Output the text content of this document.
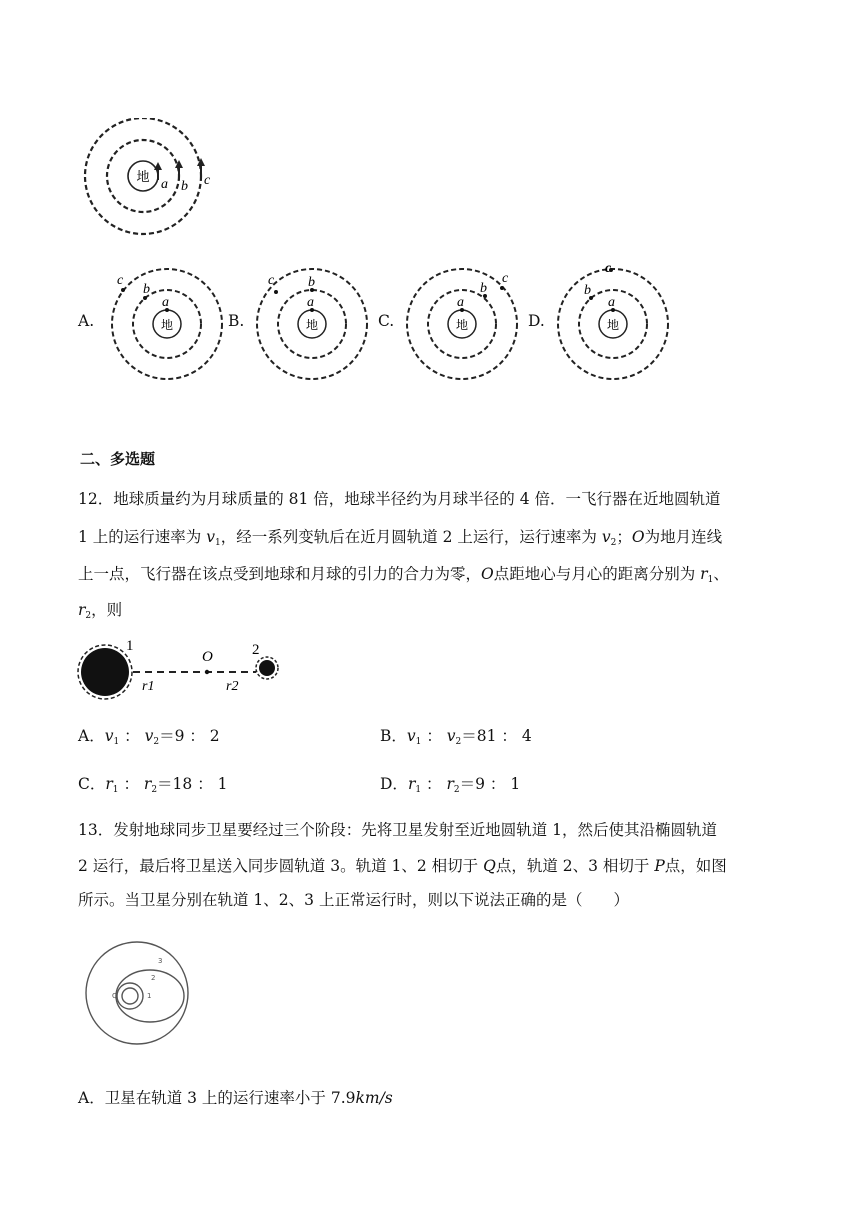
地 a b c
A.	地
a
b
c
B.	地
a
b
c
C.	地
a
b
c
D.	地
a
b
c
二、多选题
12．地球质量约为月球质量的 81 倍，地球半径约为月球半径的 4 倍．一飞行器在近地圆轨道
1 上的运行速率为 $v_1$，经一系列变轨后在近月圆轨道 2 上运行，运行速率为 $v_2$；O为地月连线
上一点，飞行器在该点受到地球和月球的引力的合力为零，O点距地心与月心的距离分别为 $r_1$、
$r_2$，则
1
O	2
r1	r2
A．$v_1$ ： $v_2=9$ ： 2	B．$v_1$ ： $v_2=81$ ： 4
C．$r_1$ ： $r_2=18$ ： 1	D．$r_1$ ： $r_2=9$ ： 1
13．发射地球同步卫星要经过三个阶段：先将卫星发射至近地圆轨道 1，然后使其沿椭圆轨道
2 运行，最后将卫星送入同步圆轨道 3。轨道 1、2 相切于 Q点，轨道 2、3 相切于 P点，如图
所示。当卫星分别在轨道 1、2、3 上正常运行时，则以下说法正确的是（　　）
3
2
1
Q
A．卫星在轨道 3 上的运行速率小于 7.9km/s
